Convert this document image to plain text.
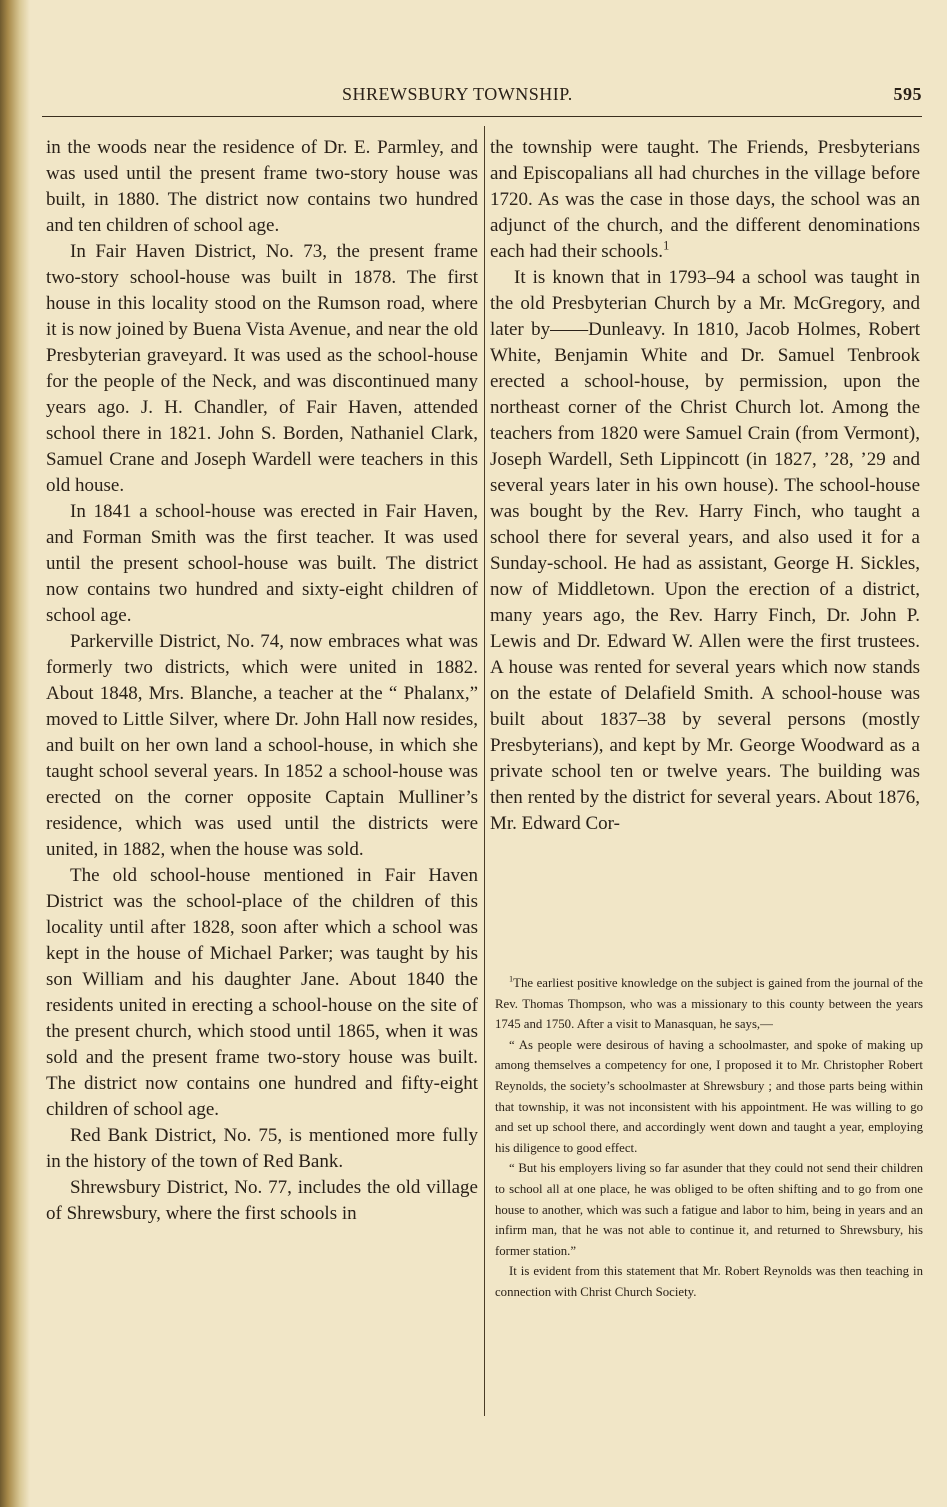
SHREWSBURY TOWNSHIP.	595

in the woods near the residence of Dr. E. Parmley, and was used until the present frame two-story house was built, in 1880. The district now contains two hundred and ten children of school age.

In Fair Haven District, No. 73, the present frame two-story school-house was built in 1878. The first house in this locality stood on the Rumson road, where it is now joined by Buena Vista Avenue, and near the old Presbyterian graveyard. It was used as the school-house for the people of the Neck, and was discontinued many years ago. J. H. Chandler, of Fair Haven, attended school there in 1821. John S. Borden, Nathaniel Clark, Samuel Crane and Joseph Wardell were teachers in this old house.

In 1841 a school-house was erected in Fair Haven, and Forman Smith was the first teacher. It was used until the present school-house was built. The district now contains two hundred and sixty-eight children of school age.

Parkerville District, No. 74, now embraces what was formerly two districts, which were united in 1882. About 1848, Mrs. Blanche, a teacher at the “ Phalanx,” moved to Little Silver, where Dr. John Hall now resides, and built on her own land a school-house, in which she taught school several years. In 1852 a school-house was erected on the corner opposite Captain Mulliner’s residence, which was used until the districts were united, in 1882, when the house was sold.

The old school-house mentioned in Fair Haven District was the school-place of the children of this locality until after 1828, soon after which a school was kept in the house of Michael Parker; was taught by his son William and his daughter Jane. About 1840 the residents united in erecting a school-house on the site of the present church, which stood until 1865, when it was sold and the present frame two-story house was built. The district now contains one hundred and fifty-eight children of school age.

Red Bank District, No. 75, is mentioned more fully in the history of the town of Red Bank.

Shrewsbury District, No. 77, includes the old village of Shrewsbury, where the first schools in

the township were taught. The Friends, Presbyterians and Episcopalians all had churches in the village before 1720. As was the case in those days, the school was an adjunct of the church, and the different denominations each had their schools.$^1$

It is known that in 1793–94 a school was taught in the old Presbyterian Church by a Mr. McGregory, and later by——Dunleavy. In 1810, Jacob Holmes, Robert White, Benjamin White and Dr. Samuel Tenbrook erected a school-house, by permission, upon the northeast corner of the Christ Church lot. Among the teachers from 1820 were Samuel Crain (from Vermont), Joseph Wardell, Seth Lippincott (in 1827, ’28, ’29 and several years later in his own house). The school-house was bought by the Rev. Harry Finch, who taught a school there for several years, and also used it for a Sunday-school. He had as assistant, George H. Sickles, now of Middletown. Upon the erection of a district, many years ago, the Rev. Harry Finch, Dr. John P. Lewis and Dr. Edward W. Allen were the first trustees. A house was rented for several years which now stands on the estate of Delafield Smith. A school-house was built about 1837–38 by several persons (mostly Presbyterians), and kept by Mr. George Woodward as a private school ten or twelve years. The building was then rented by the district for several years. About 1876, Mr. Edward Cor-

$^1$The earliest positive knowledge on the subject is gained from the journal of the Rev. Thomas Thompson, who was a missionary to this county between the years 1745 and 1750. After a visit to Manasquan, he says,—

“ As people were desirous of having a schoolmaster, and spoke of making up among themselves a competency for one, I proposed it to Mr. Christopher Robert Reynolds, the society’s schoolmaster at Shrewsbury ; and those parts being within that township, it was not inconsistent with his appointment. He was willing to go and set up school there, and accordingly went down and taught a year, employing his diligence to good effect.

“ But his employers living so far asunder that they could not send their children to school all at one place, he was obliged to be often shifting and to go from one house to another, which was such a fatigue and labor to him, being in years and an infirm man, that he was not able to continue it, and returned to Shrewsbury, his former station.”

It is evident from this statement that Mr. Robert Reynolds was then teaching in connection with Christ Church Society.
